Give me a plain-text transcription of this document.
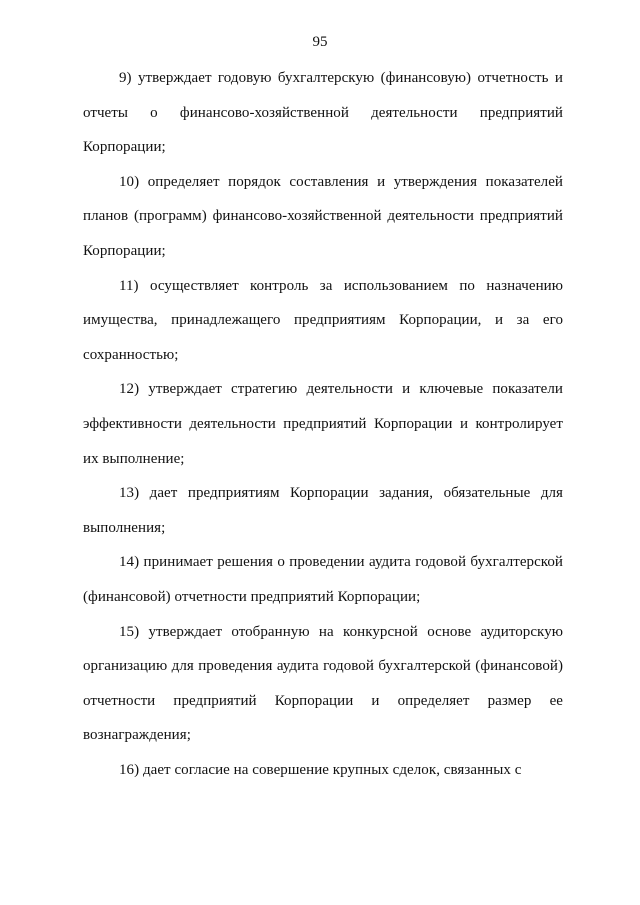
95

9) утверждает годовую бухгалтерскую (финансовую) отчетность и отчеты о финансово-хозяйственной деятельности предприятий Корпорации;

10) определяет порядок составления и утверждения показателей планов (программ) финансово-хозяйственной деятельности предприятий Корпорации;

11) осуществляет контроль за использованием по назначению имущества, принадлежащего предприятиям Корпорации, и за его сохранностью;

12) утверждает стратегию деятельности и ключевые показатели эффективности деятельности предприятий Корпорации и контролирует их выполнение;

13) дает предприятиям Корпорации задания, обязательные для выполнения;

14) принимает решения о проведении аудита годовой бухгалтерской (финансовой) отчетности предприятий Корпорации;

15) утверждает отобранную на конкурсной основе аудиторскую организацию для проведения аудита годовой бухгалтерской (финансовой) отчетности предприятий Корпорации и определяет размер ее вознаграждения;

16) дает согласие на совершение крупных сделок, связанных с
